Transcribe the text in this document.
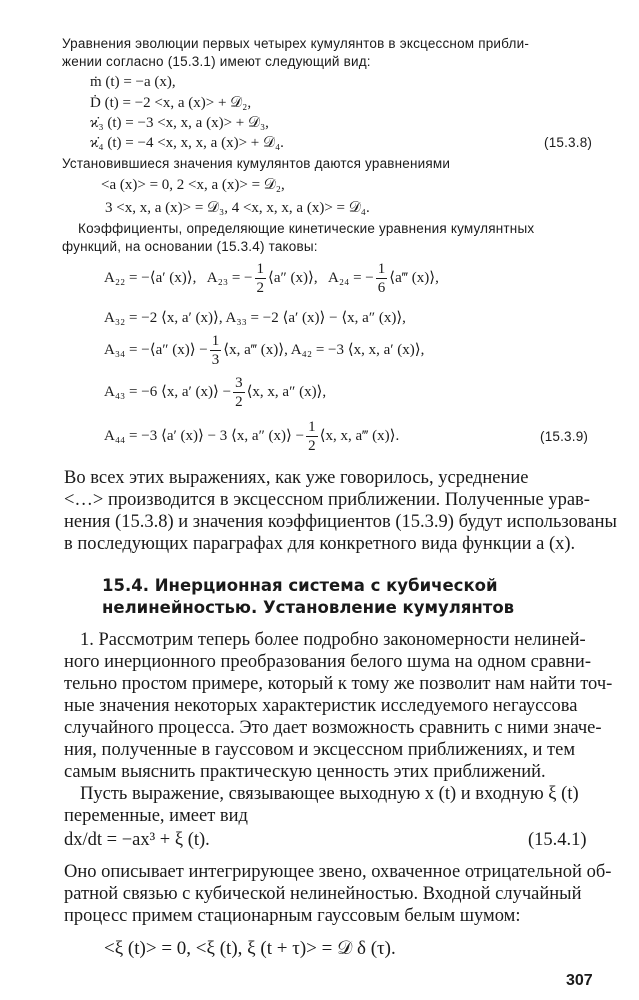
Уравнения эволюции первых четырех кумулянтов в эксцессном прибли-
жении согласно (15.3.1) имеют следующий вид:
ṁ (t) = −a (x),
Ḋ (t) = −2 <x, a (x)> + 𝒟₂,
ϰ̇₃ (t) = −3 <x, x, a (x)> + 𝒟₃,
ϰ̇₄ (t) = −4 <x, x, x, a (x)> + 𝒟₄.	(15.3.8)
Установившиеся значения кумулянтов даются уравнениями
<a (x)> = 0, 2 <x, a (x)> = 𝒟₂,
3 <x, x, a (x)> = 𝒟₃, 4 <x, x, x, a (x)> = 𝒟₄.
Коэффициенты, определяющие кинетические уравнения кумулянтных
функций, на основании (15.3.4) таковы:
A₂₂ = −⟨a′ (x)⟩, A₂₃ = − $\frac{1}{2}$ ⟨a″ (x)⟩, A₂₄ = − $\frac{1}{6}$ ⟨a‴ (x)⟩,
A₃₂ = −2 ⟨x, a′ (x)⟩, A₃₃ = −2 ⟨a′ (x)⟩ − ⟨x, a″ (x)⟩,
A₃₄ = −⟨a″ (x)⟩ − $\frac{1}{3}$ ⟨x, a‴ (x)⟩, A₄₂ = −3 ⟨x, x, a′ (x)⟩,
A₄₃ = −6 ⟨x, a′ (x)⟩ − $\frac{3}{2}$ ⟨x, x, a″ (x)⟩,
A₄₄ = −3 ⟨a′ (x)⟩ − 3 ⟨x, a″ (x)⟩ − $\frac{1}{2}$ ⟨x, x, a‴ (x)⟩.	(15.3.9)
Во всех этих выражениях, как уже говорилось, усреднение
<…> производится в эксцессном приближении. Полученные урав-
нения (15.3.8) и значения коэффициентов (15.3.9) будут использованы
в последующих параграфах для конкретного вида функции a (x).
15.4. Инерционная система с кубической
нелинейностью. Установление кумулянтов
1. Рассмотрим теперь более подробно закономерности нелиней-
ного инерционного преобразования белого шума на одном сравни-
тельно простом примере, который к тому же позволит нам найти точ-
ные значения некоторых характеристик исследуемого негауссова
случайного процесса. Это дает возможность сравнить с ними значе-
ния, полученные в гауссовом и эксцессном приближениях, и тем
самым выяснить практическую ценность этих приближений.
Пусть выражение, связывающее выходную x (t) и входную ξ (t)
переменные, имеет вид
dx/dt = −ax³ + ξ (t).	(15.4.1)
Оно описывает интегрирующее звено, охваченное отрицательной об-
ратной связью с кубической нелинейностью. Входной случайный
процесс примем стационарным гауссовым белым шумом:
<ξ (t)> = 0, <ξ (t), ξ (t + τ)> = 𝒟 δ (τ).
307
